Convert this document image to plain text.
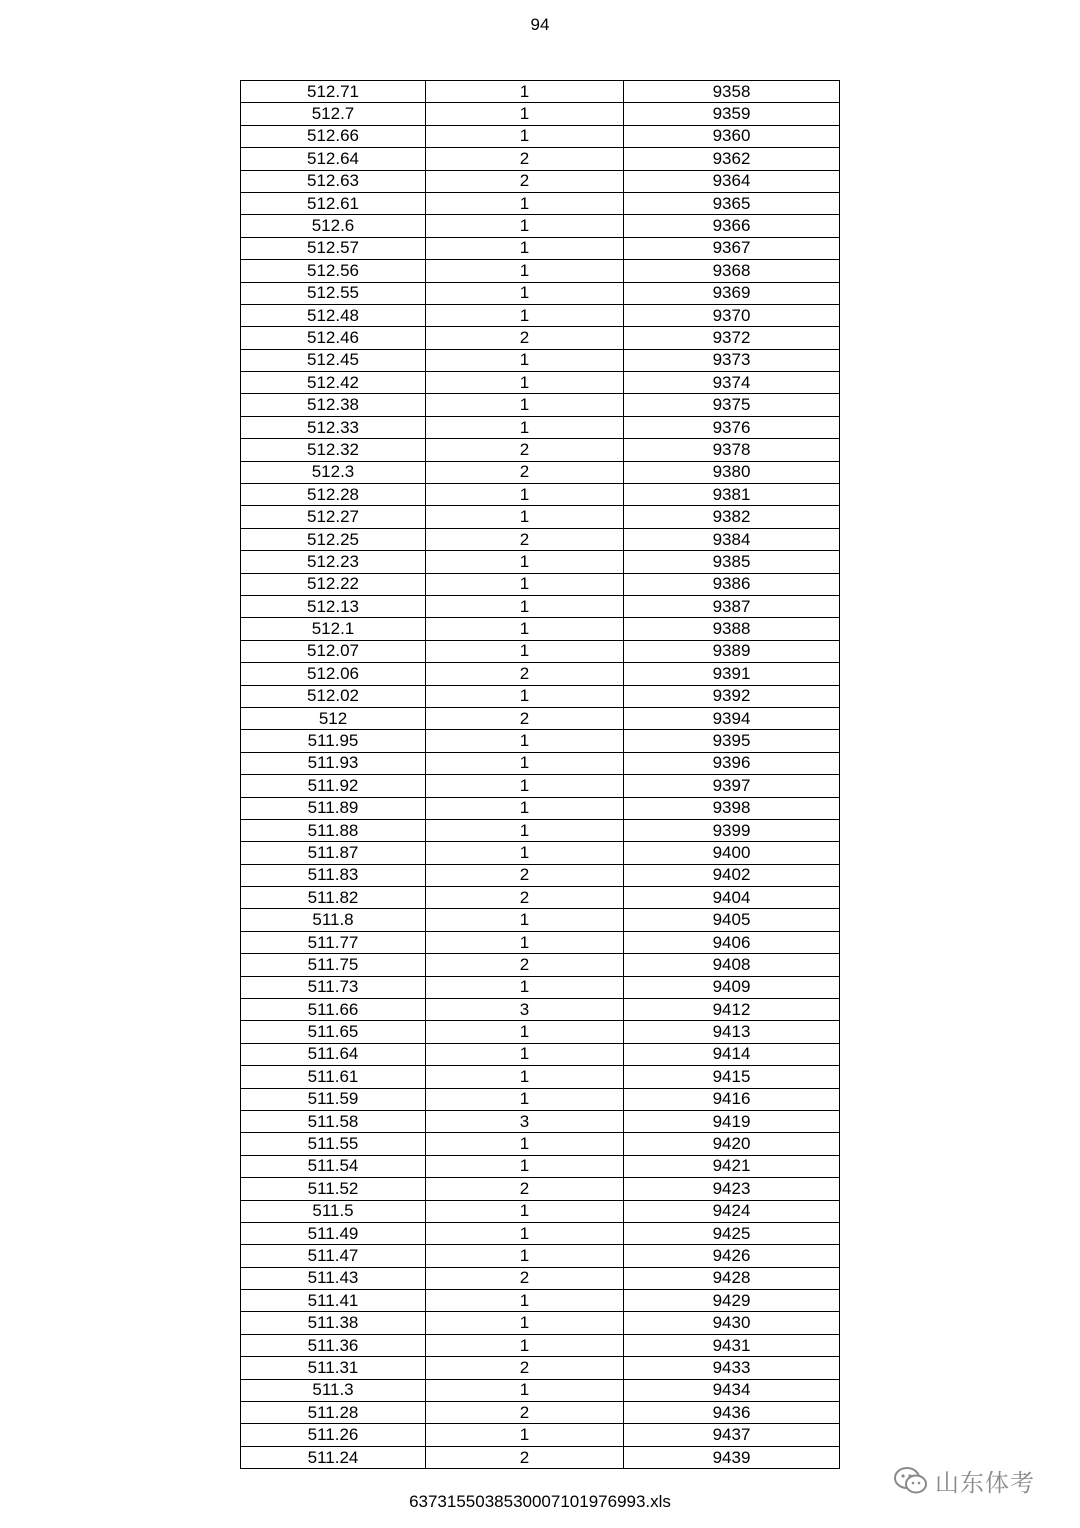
94
512.71	1	9358
512.7	1	9359
512.66	1	9360
512.64	2	9362
512.63	2	9364
512.61	1	9365
512.6	1	9366
512.57	1	9367
512.56	1	9368
512.55	1	9369
512.48	1	9370
512.46	2	9372
512.45	1	9373
512.42	1	9374
512.38	1	9375
512.33	1	9376
512.32	2	9378
512.3	2	9380
512.28	1	9381
512.27	1	9382
512.25	2	9384
512.23	1	9385
512.22	1	9386
512.13	1	9387
512.1	1	9388
512.07	1	9389
512.06	2	9391
512.02	1	9392
512	2	9394
511.95	1	9395
511.93	1	9396
511.92	1	9397
511.89	1	9398
511.88	1	9399
511.87	1	9400
511.83	2	9402
511.82	2	9404
511.8	1	9405
511.77	1	9406
511.75	2	9408
511.73	1	9409
511.66	3	9412
511.65	1	9413
511.64	1	9414
511.61	1	9415
511.59	1	9416
511.58	3	9419
511.55	1	9420
511.54	1	9421
511.52	2	9423
511.5	1	9424
511.49	1	9425
511.47	1	9426
511.43	2	9428
511.41	1	9429
511.38	1	9430
511.36	1	9431
511.31	2	9433
511.3	1	9434
511.28	2	9436
511.26	1	9437
511.24	2	9439
6373155038530007101976993.xls
山东体考
